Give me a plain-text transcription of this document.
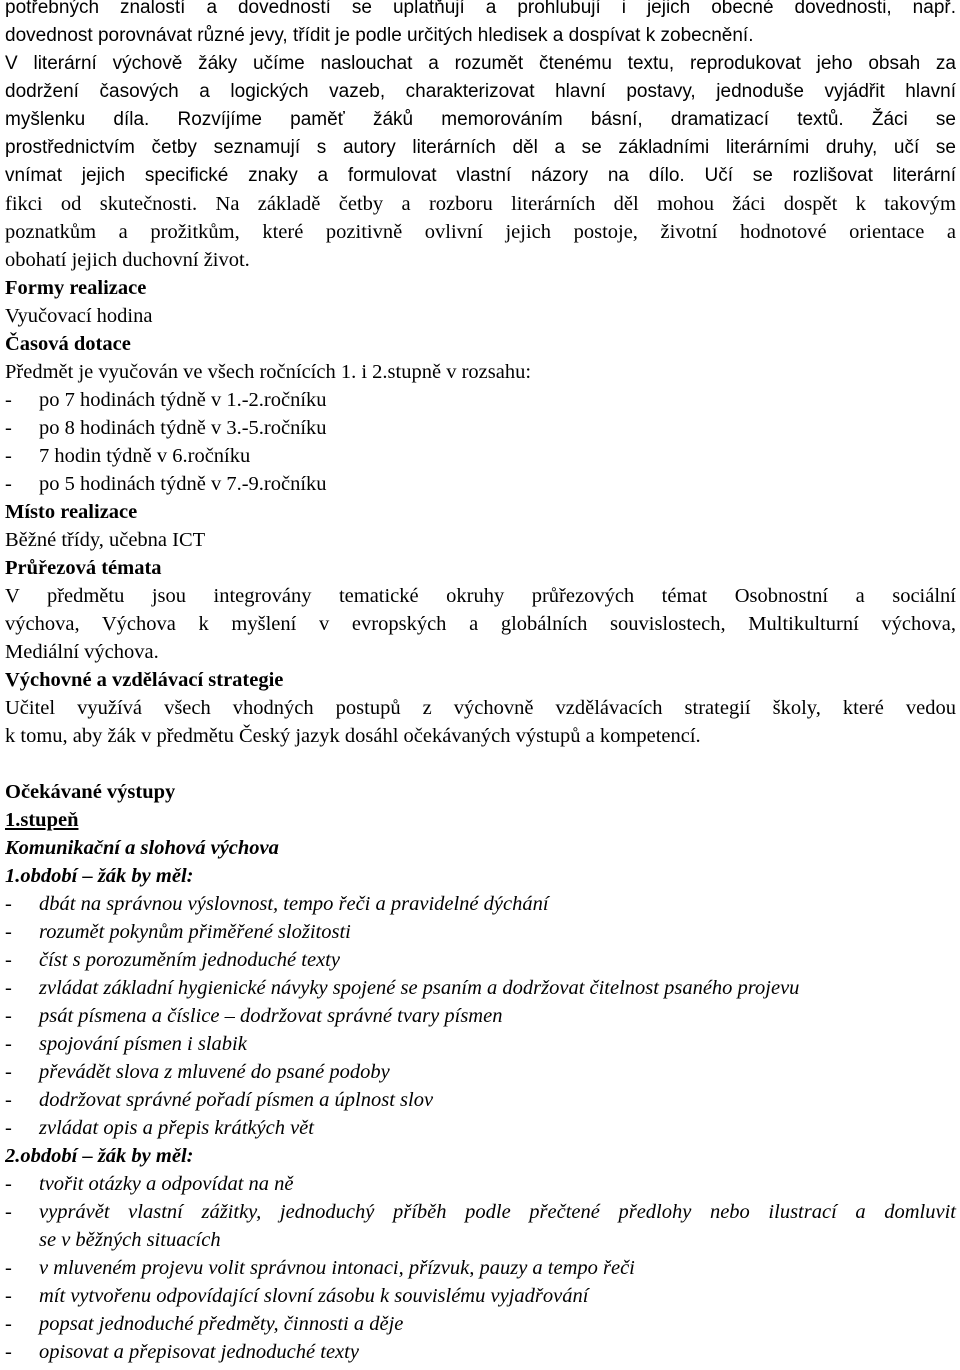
potřebných znalostí a dovedností se uplatňují a prohlubují i jejich obecné dovednosti, např.
dovednost porovnávat různé jevy, třídit je podle určitých hledisek a dospívat k zobecnění.
V literární výchově žáky učíme naslouchat a rozumět čtenému textu, reprodukovat jeho obsah za
dodržení časových a logických vazeb, charakterizovat hlavní postavy, jednoduše vyjádřit hlavní
myšlenku díla. Rozvíjíme paměť žáků memorováním básní, dramatizací textů. Žáci se
prostřednictvím četby seznamují s autory literárních děl a se základními literárními druhy, učí se
vnímat jejich specifické znaky a formulovat vlastní názory na dílo. Učí se rozlišovat literární
fikci od skutečnosti. Na základě četby a rozboru literárních děl mohou žáci dospět k takovým
poznatkům a prožitkům, které pozitivně ovlivní jejich postoje, životní hodnotové orientace a
obohatí jejich duchovní život.
Formy realizace
Vyučovací hodina
Časová dotace
Předmět je vyučován ve všech ročnících 1. i 2.stupně v rozsahu:
-	po 7 hodinách týdně v 1.-2.ročníku
-	po 8 hodinách týdně v 3.-5.ročníku
-	7 hodin týdně v 6.ročníku
-	po 5 hodinách týdně v 7.-9.ročníku
Místo realizace
Běžné třídy, učebna ICT
Průřezová témata
V předmětu jsou integrovány tematické okruhy průřezových témat Osobnostní a sociální
výchova, Výchova k myšlení v evropských a globálních souvislostech, Multikulturní výchova,
Mediální výchova.
Výchovné a vzdělávací strategie
Učitel využívá všech vhodných postupů z výchovně vzdělávacích strategií školy, které vedou
k tomu, aby žák v předmětu Český jazyk dosáhl očekávaných výstupů a kompetencí.
Očekávané výstupy
1.stupeň
Komunikační a slohová výchova
1.období – žák by měl:
-	dbát na správnou výslovnost, tempo řeči a pravidelné dýchání
-	rozumět pokynům přiměřené složitosti
-	číst s porozuměním jednoduché texty
-	zvládat základní hygienické návyky spojené se psaním a dodržovat čitelnost psaného projevu
-	psát písmena a číslice – dodržovat správné tvary písmen
-	spojování písmen i slabik
-	převádět slova z mluvené do psané podoby
-	dodržovat správné pořadí písmen a úplnost slov
-	zvládat opis a přepis krátkých vět
2.období – žák by měl:
-	tvořit otázky a odpovídat na ně
-	vyprávět vlastní zážitky, jednoduchý příběh podle přečtené předlohy nebo ilustrací a domluvit
se v běžných situacích
-	v mluveném projevu volit správnou intonaci, přízvuk, pauzy a tempo řeči
-	mít vytvořenu odpovídající slovní zásobu k souvislému vyjadřování
-	popsat jednoduché předměty, činnosti a děje
-	opisovat a přepisovat jednoduché texty
